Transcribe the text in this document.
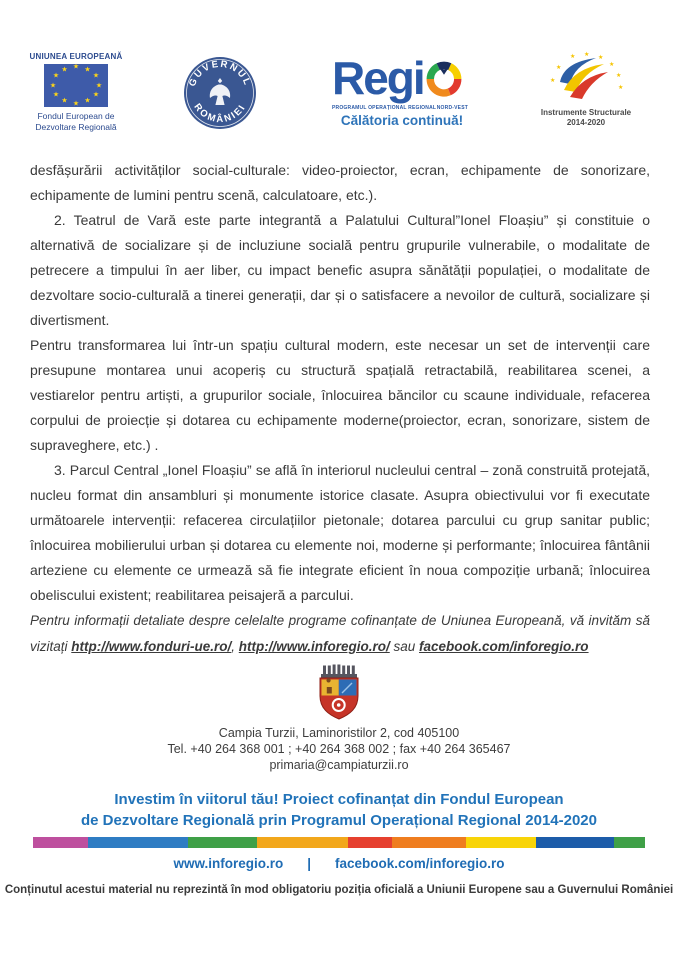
UNIUNEA EUROPEANĂ
★ ★
★
★
★
★
★
★
★
★
★
★
Fondul European de Dezvoltare Regională
GUVERNUL
ROMÂNIEI
Regi
PROGRAMUL OPERAȚIONAL REGIONAL NORD-VEST
Călătoria continuă!
★ ★ ★
★
★
★
★
★
Instrumente Structurale
2014-2020

desfășurării activităților social-culturale: video-proiector, ecran, echipamente de sonorizare, echipamente de lumini pentru scenă, calculatoare, etc.).

2. Teatrul de Vară este parte integrantă a Palatului Cultural”Ionel Floașiu” și constituie o alternativă de socializare și de incluziune socială pentru grupurile vulnerabile, o modalitate de petrecere a timpului în aer liber, cu impact benefic asupra sănătății populației, o modalitate de dezvoltare socio-culturală a tinerei generații, dar și o satisfacere a nevoilor de cultură, socializare și divertisment.

Pentru transformarea lui într-un spațiu cultural modern, este necesar un set de intervenții care presupune montarea unui acoperiș cu structură spațială retractabilă, reabilitarea scenei, a vestiarelor pentru artiști, a grupurilor sociale, înlocuirea băncilor cu scaune individuale, refacerea corpului de proiecție și dotarea cu echipamente moderne(proiector, ecran, sonorizare, sistem de supraveghere, etc.) .

3. Parcul Central „Ionel Floașiu” se află în interiorul nucleului central – zonă construită protejată, nucleu format din ansambluri și monumente istorice clasate. Asupra obiectivului vor fi executate următoarele intervenții: refacerea circulațiilor pietonale; dotarea parcului cu grup sanitar public; înlocuirea mobilierului urban și dotarea cu elemente noi, moderne și performante; înlocuirea fântânii arteziene cu elemente ce urmează să fie integrate eficient în noua compoziție urbană; înlocuirea obeliscului existent; reabilitarea peisajeră a parcului.

Pentru informații detaliate despre celelalte programe cofinanțate de Uniunea Europeană, vă invităm să vizitați http://www.fonduri-ue.ro/, http://www.inforegio.ro/ sau facebook.com/inforegio.ro

Campia Turzii, Laminoristilor 2, cod 405100
Tel. +40 264 368 001 ; +40 264 368 002 ; fax +40 264 365467
primaria@campiaturzii.ro
Investim în viitorul tău! Proiect cofinanțat din Fondul European
de Dezvoltare Regională prin Programul Operațional Regional 2014-2020
www.inforegio.ro | facebook.com/inforegio.ro
Conținutul acestui material nu reprezintă în mod obligatoriu poziția oficială a Uniunii Europene sau a Guvernului României
